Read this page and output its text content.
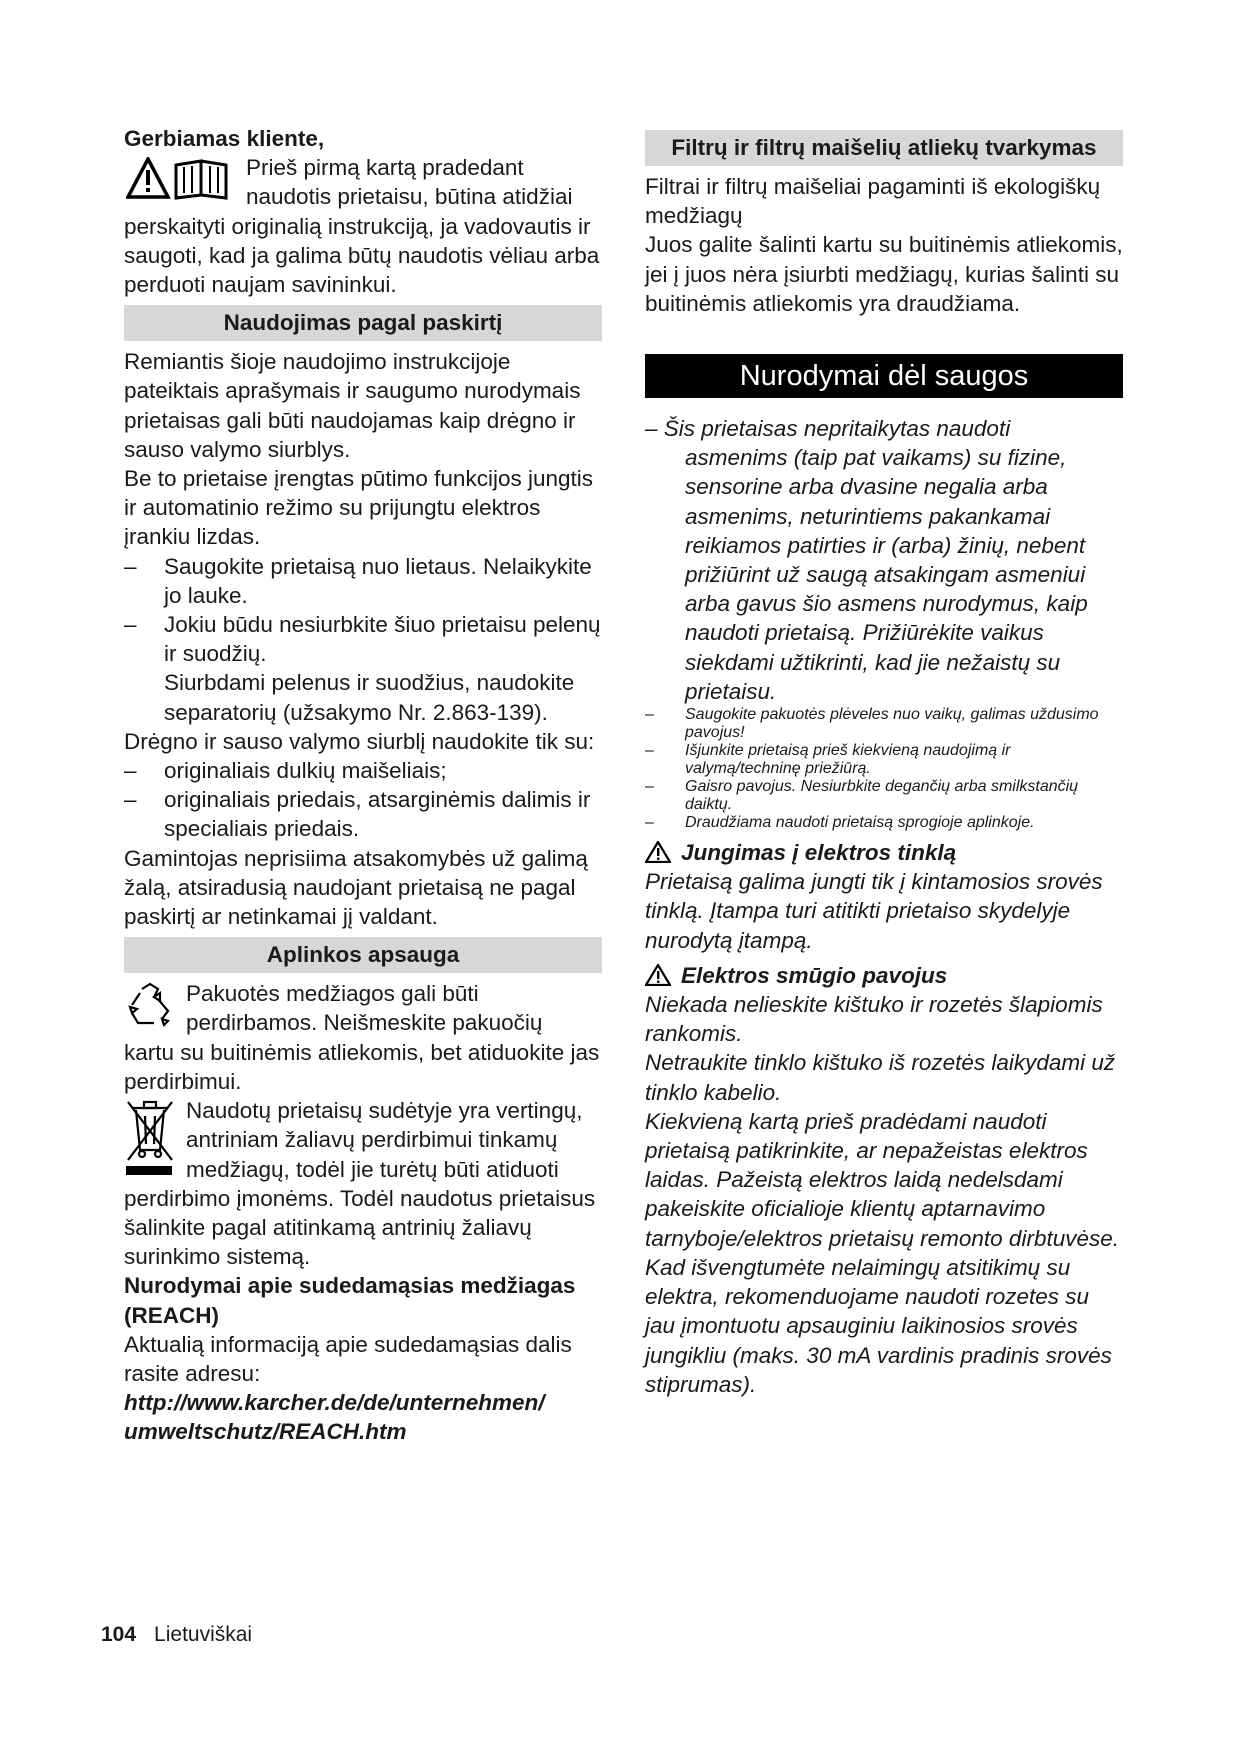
Gerbiamas kliente,

Prieš pirmą kartą pradedant

naudotis prietaisu, būtina atidžiai

perskaityti originalią instrukciją, ja vadovautis ir saugoti, kad ja galima būtų naudotis vėliau arba perduoti naujam savininkui.

Naudojimas pagal paskirtį

Remiantis šioje naudojimo instrukcijoje pateiktais aprašymais ir saugumo nurodymais prietaisas gali būti naudojamas kaip drėgno ir sauso valymo siurblys.

Be to prietaise įrengtas pūtimo funkcijos jungtis ir automatinio režimo su prijungtu elektros įrankiu lizdas.

– Saugokite prietaisą nuo lietaus. Nelaikykite jo lauke.
– Jokiu būdu nesiurbkite šiuo prietaisu pelenų ir suodžių.

Siurbdami pelenus ir suodžius, naudokite separatorių (užsakymo Nr. 2.863-139).

Drėgno ir sauso valymo siurblį naudokite tik su:

– originaliais dulkių maišeliais;
– originaliais priedais, atsarginėmis dalimis ir specialiais priedais.

Gamintojas neprisiima atsakomybės už galimą žalą, atsiradusią naudojant prietaisą ne pagal paskirtį ar netinkamai jį valdant.

Aplinkos apsauga

Pakuotės medžiagos gali būti

perdirbamos. Neišmeskite pakuočių

kartu su buitinėmis atliekomis, bet atiduokite jas perdirbimui.

Naudotų prietaisų sudėtyje yra vertingų,

antriniam žaliavų perdirbimui tinkamų

medžiagų, todėl jie turėtų būti atiduoti

perdirbimo įmonėms. Todėl naudotus prietaisus šalinkite pagal atitinkamą antrinių žaliavų surinkimo sistemą.

Nurodymai apie sudedamąsias medžiagas (REACH)

Aktualią informaciją apie sudedamąsias dalis rasite adresu:

http://www.karcher.de/de/unternehmen/ umweltschutz/REACH.htm

Filtrų ir filtrų maišelių atliekų tvarkymas

Filtrai ir filtrų maišeliai pagaminti iš ekologiškų medžiagų

Juos galite šalinti kartu su buitinėmis atliekomis, jei į juos nėra įsiurbti medžiagų, kurias šalinti su buitinėmis atliekomis yra draudžiama.

Nurodymai dėl saugos

– Šis prietaisas nepritaikytas naudoti

asmenims (taip pat vaikams) su fizine, sensorine arba dvasine negalia arba asmenims, neturintiems pakankamai reikiamos patirties ir (arba) žinių, nebent prižiūrint už saugą atsakingam asmeniui arba gavus šio asmens nurodymus, kaip naudoti prietaisą. Prižiūrėkite vaikus siekdami užtikrinti, kad jie nežaistų su prietaisu.

– Saugokite pakuotės plėveles nuo vaikų, galimas uždusimo pavojus!
– Išjunkite prietaisą prieš kiekvieną naudojimą ir valymą/techninę priežiūrą.
– Gaisro pavojus. Nesiurbkite degančių arba smilkstančių daiktų.
– Draudžiama naudoti prietaisą sprogioje aplinkoje.
Jungimas į elektros tinklą

Prietaisą galima jungti tik į kintamosios srovės tinklą. Įtampa turi atitikti prietaiso skydelyje nurodytą įtampą.

Elektros smūgio pavojus

Niekada nelieskite kištuko ir rozetės šlapiomis rankomis.

Netraukite tinklo kištuko iš rozetės laikydami už tinklo kabelio.

Kiekvieną kartą prieš pradėdami naudoti prietaisą patikrinkite, ar nepažeistas elektros laidas. Pažeistą elektros laidą nedelsdami pakeiskite oficialioje klientų aptarnavimo tarnyboje/elektros prietaisų remonto dirbtuvėse.

Kad išvengtumėte nelaimingų atsitikimų su elektra, rekomenduojame naudoti rozetes su jau įmontuotu apsauginiu laikinosios srovės jungikliu (maks. 30 mA vardinis pradinis srovės stiprumas).

104 Lietuviškai
